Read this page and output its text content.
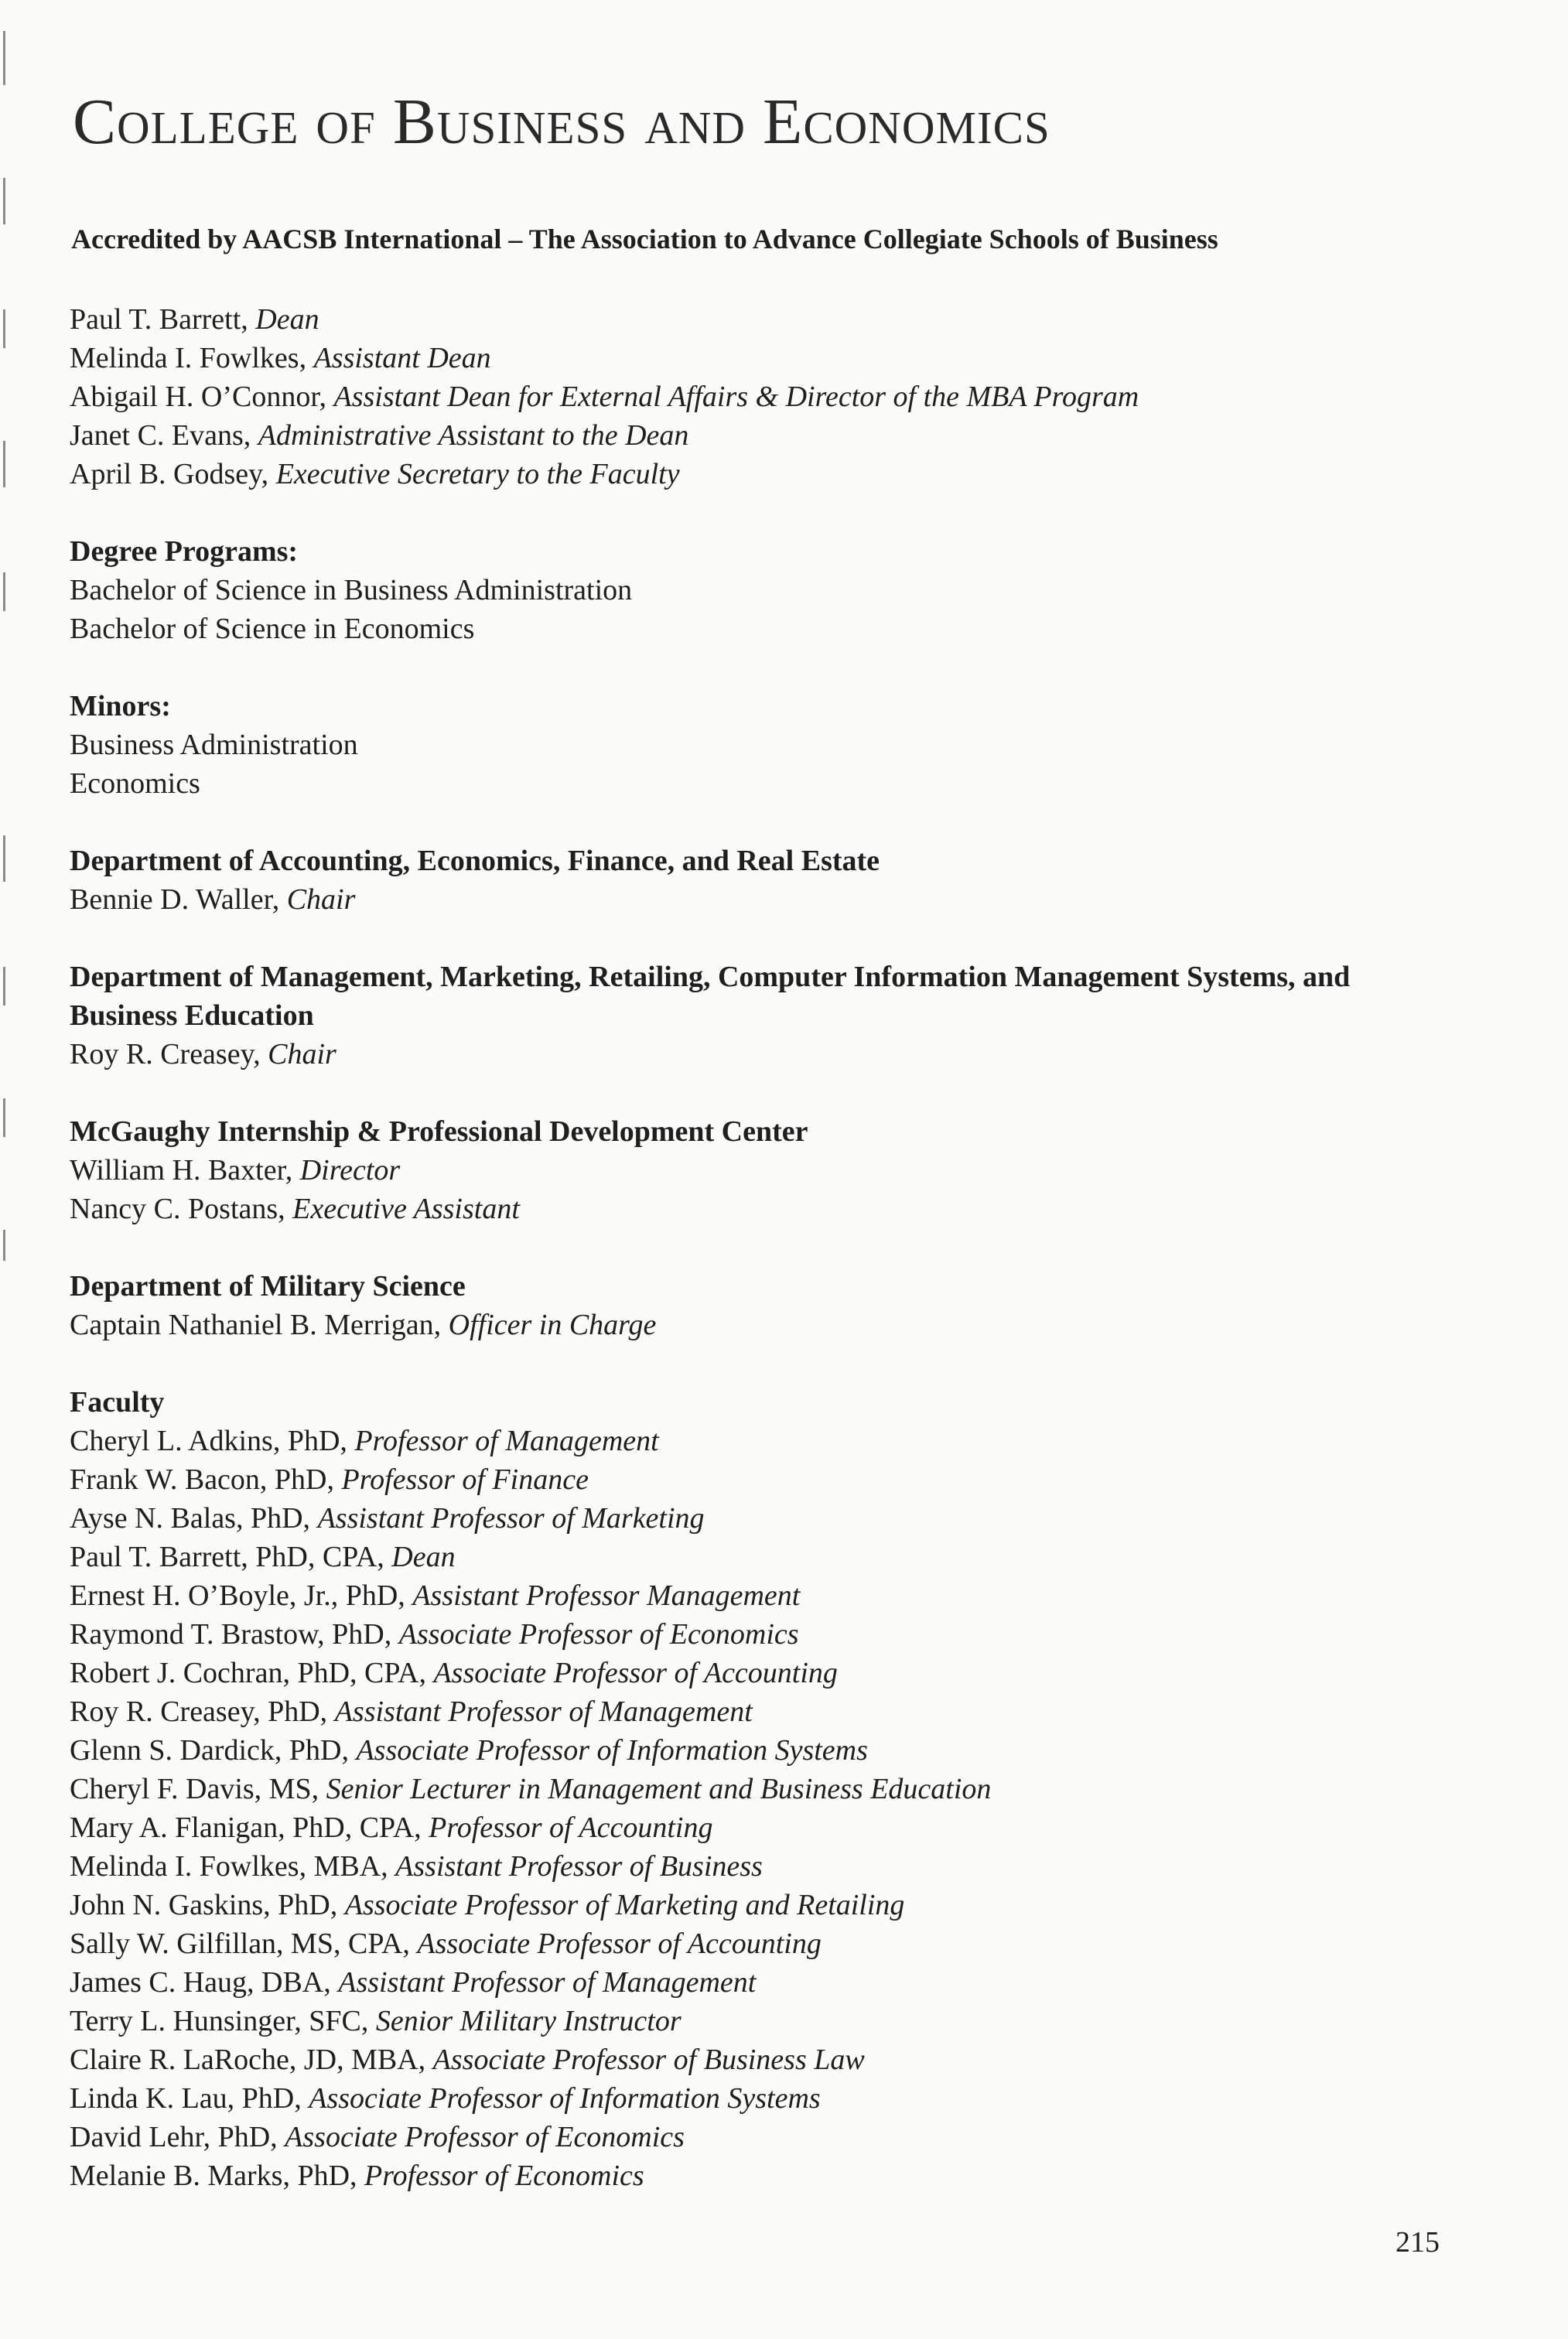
College of Business and Economics

Accredited by AACSB International – The Association to Advance Collegiate Schools of Business

Paul T. Barrett, Dean
Melinda I. Fowlkes, Assistant Dean
Abigail H. O’Connor, Assistant Dean for External Affairs & Director of the MBA Program
Janet C. Evans, Administrative Assistant to the Dean
April B. Godsey, Executive Secretary to the Faculty
Degree Programs:
Bachelor of Science in Business Administration
Bachelor of Science in Economics
Minors:
Business Administration
Economics
Department of Accounting, Economics, Finance, and Real Estate
Bennie D. Waller, Chair
Department of Management, Marketing, Retailing, Computer Information Management Systems, and
Business Education
Roy R. Creasey, Chair
McGaughy Internship & Professional Development Center
William H. Baxter, Director
Nancy C. Postans, Executive Assistant
Department of Military Science
Captain Nathaniel B. Merrigan, Officer in Charge
Faculty
Cheryl L. Adkins, PhD, Professor of Management
Frank W. Bacon, PhD, Professor of Finance
Ayse N. Balas, PhD, Assistant Professor of Marketing
Paul T. Barrett, PhD, CPA, Dean
Ernest H. O’Boyle, Jr., PhD, Assistant Professor Management
Raymond T. Brastow, PhD, Associate Professor of Economics
Robert J. Cochran, PhD, CPA, Associate Professor of Accounting
Roy R. Creasey, PhD, Assistant Professor of Management
Glenn S. Dardick, PhD, Associate Professor of Information Systems
Cheryl F. Davis, MS, Senior Lecturer in Management and Business Education
Mary A. Flanigan, PhD, CPA, Professor of Accounting
Melinda I. Fowlkes, MBA, Assistant Professor of Business
John N. Gaskins, PhD, Associate Professor of Marketing and Retailing
Sally W. Gilfillan, MS, CPA, Associate Professor of Accounting
James C. Haug, DBA, Assistant Professor of Management
Terry L. Hunsinger, SFC, Senior Military Instructor
Claire R. LaRoche, JD, MBA, Associate Professor of Business Law
Linda K. Lau, PhD, Associate Professor of Information Systems
David Lehr, PhD, Associate Professor of Economics
Melanie B. Marks, PhD, Professor of Economics
215
